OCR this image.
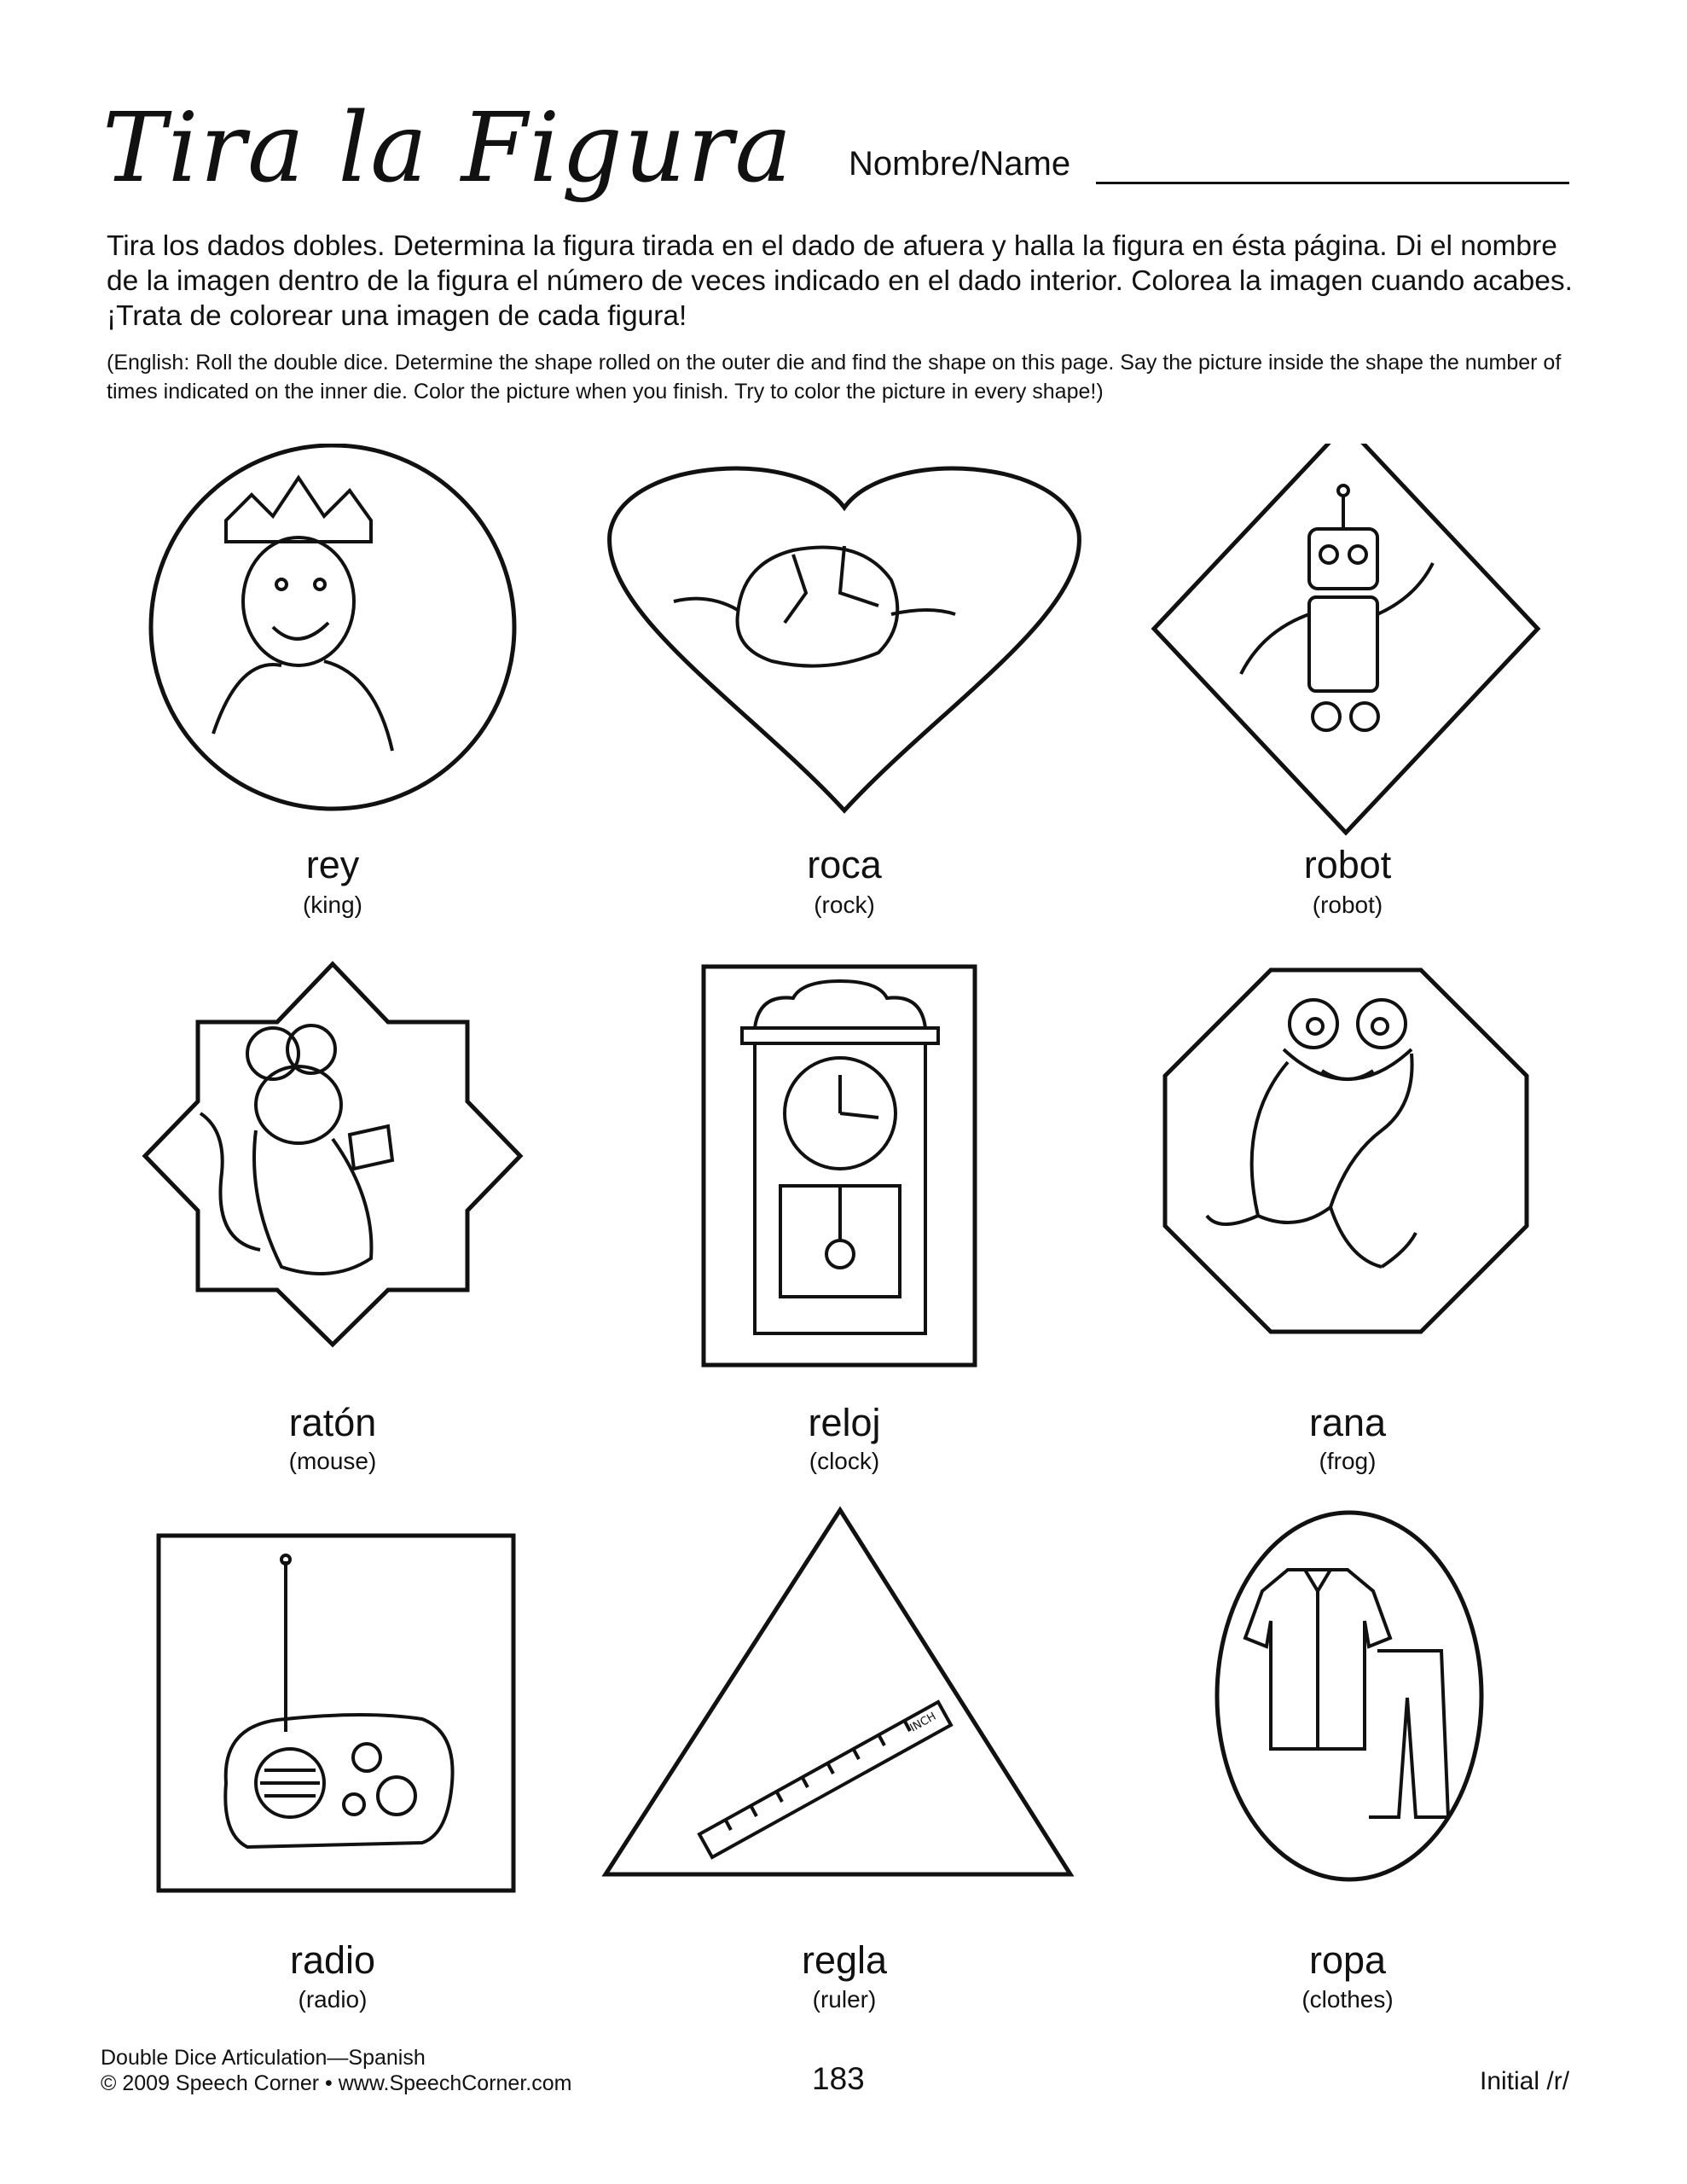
Tira la Figura Nombre/Name
Tira los dados dobles. Determina la figura tirada en el dado de afuera y halla la figura en ésta página. Di el nombre de la imagen dentro de la figura el número de veces indicado en el dado interior. Colorea la imagen cuando acabes. ¡Trata de colorear una imagen de cada figura!
(English: Roll the double dice. Determine the shape rolled on the outer die and find the shape on this page. Say the picture inside the shape the number of times indicated on the inner die. Color the picture when you finish. Try to color the picture in every shape!)
rey
(king)
roca
(rock)
robot
(robot)
ratón
(mouse)
reloj
(clock)
rana
(frog)
radio
(radio)
INCH
regla
(ruler)
ropa
(clothes)
Double Dice Articulation—Spanish
© 2009 Speech Corner • www.SpeechCorner.com	183	Initial /r/
